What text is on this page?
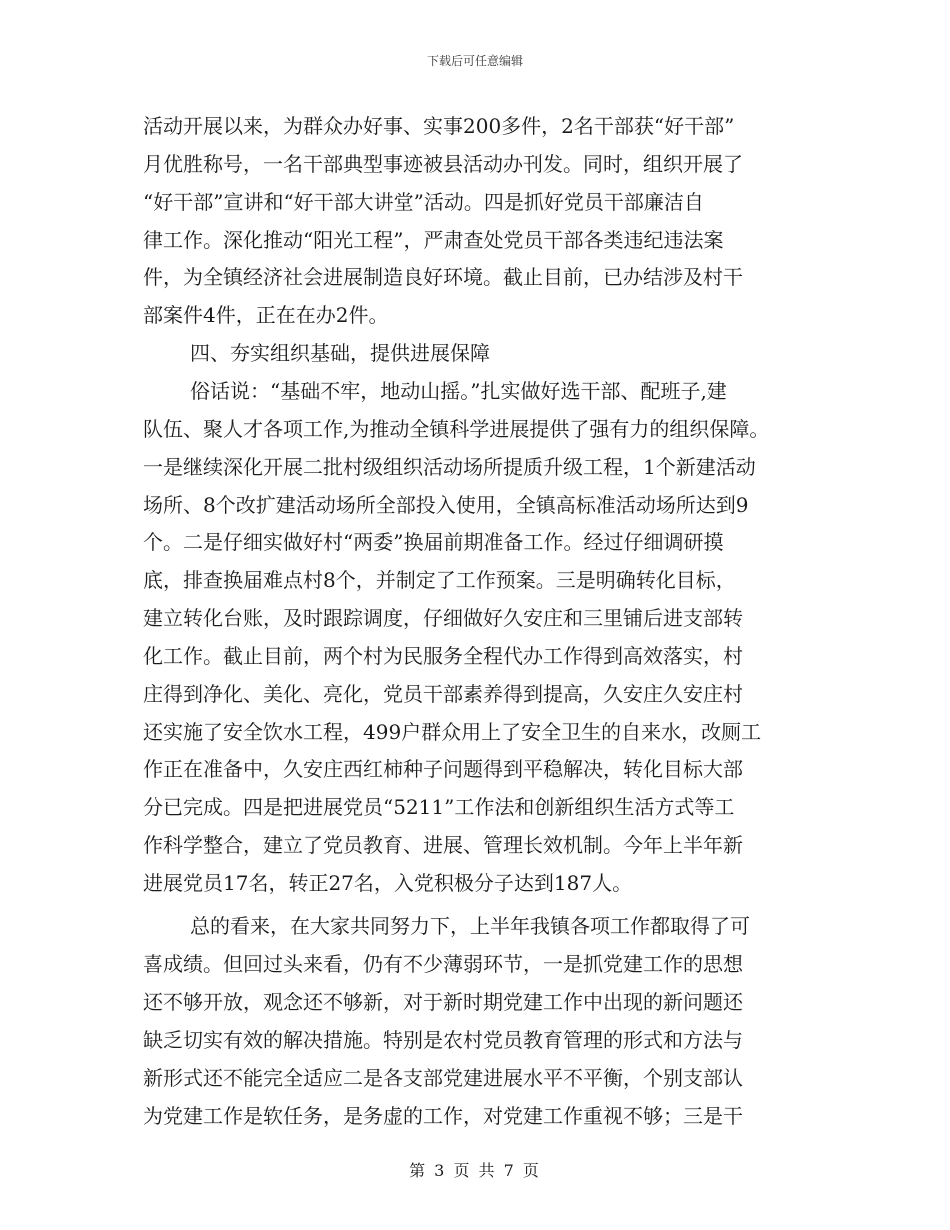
下载后可任意编辑
活动开展以来，为群众办好事、实事200多件，2名干部获“好干部”
月优胜称号，一名干部典型事迹被县活动办刊发。同时，组织开展了
“好干部”宣讲和“好干部大讲堂”活动。四是抓好党员干部廉洁自
律工作。深化推动“阳光工程”，严肃查处党员干部各类违纪违法案
件，为全镇经济社会进展制造良好环境。截止目前，已办结涉及村干
部案件4件，正在在办2件。
四、夯实组织基础，提供进展保障
俗话说：“基础不牢，地动山摇。”扎实做好选干部、配班子,建
队伍、聚人才各项工作,为推动全镇科学进展提供了强有力的组织保障。
一是继续深化开展二批村级组织活动场所提质升级工程，1个新建活动
场所、8个改扩建活动场所全部投入使用，全镇高标准活动场所达到9
个。二是仔细实做好村“两委”换届前期准备工作。经过仔细调研摸
底，排查换届难点村8个，并制定了工作预案。三是明确转化目标，
建立转化台账，及时跟踪调度，仔细做好久安庄和三里铺后进支部转
化工作。截止目前，两个村为民服务全程代办工作得到高效落实，村
庄得到净化、美化、亮化，党员干部素养得到提高，久安庄久安庄村
还实施了安全饮水工程，499户群众用上了安全卫生的自来水，改厕工
作正在准备中，久安庄西红柿种子问题得到平稳解决，转化目标大部
分已完成。四是把进展党员“5211”工作法和创新组织生活方式等工
作科学整合，建立了党员教育、进展、管理长效机制。今年上半年新
进展党员17名，转正27名，入党积极分子达到187人。
总的看来，在大家共同努力下，上半年我镇各项工作都取得了可
喜成绩。但回过头来看，仍有不少薄弱环节，一是抓党建工作的思想
还不够开放，观念还不够新，对于新时期党建工作中出现的新问题还
缺乏切实有效的解决措施。特别是农村党员教育管理的形式和方法与
新形式还不能完全适应二是各支部党建进展水平不平衡，个别支部认
为党建工作是软任务，是务虚的工作，对党建工作重视不够；三是干
第 3 页 共 7 页
